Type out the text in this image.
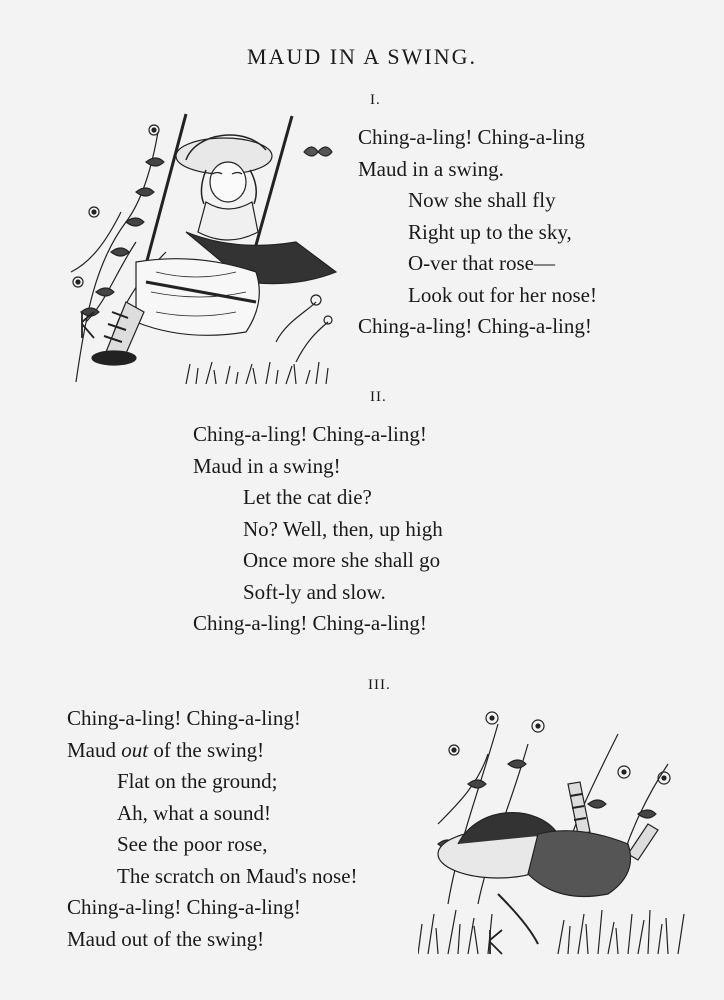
MAUD IN A SWING.
I.
Ching-a-ling! Ching-a-ling
Maud in a swing.
Now she shall fly
Right up to the sky,
O-ver that rose—
Look out for her nose!
Ching-a-ling! Ching-a-ling!
II.
Ching-a-ling! Ching-a-ling!
Maud in a swing!
Let the cat die?
No? Well, then, up high
Once more she shall go
Soft-ly and slow.
Ching-a-ling! Ching-a-ling!
III.
Ching-a-ling! Ching-a-ling!
Maud out of the swing!
Flat on the ground;
Ah, what a sound!
See the poor rose,
The scratch on Maud's nose!
Ching-a-ling! Ching-a-ling!
Maud out of the swing!
